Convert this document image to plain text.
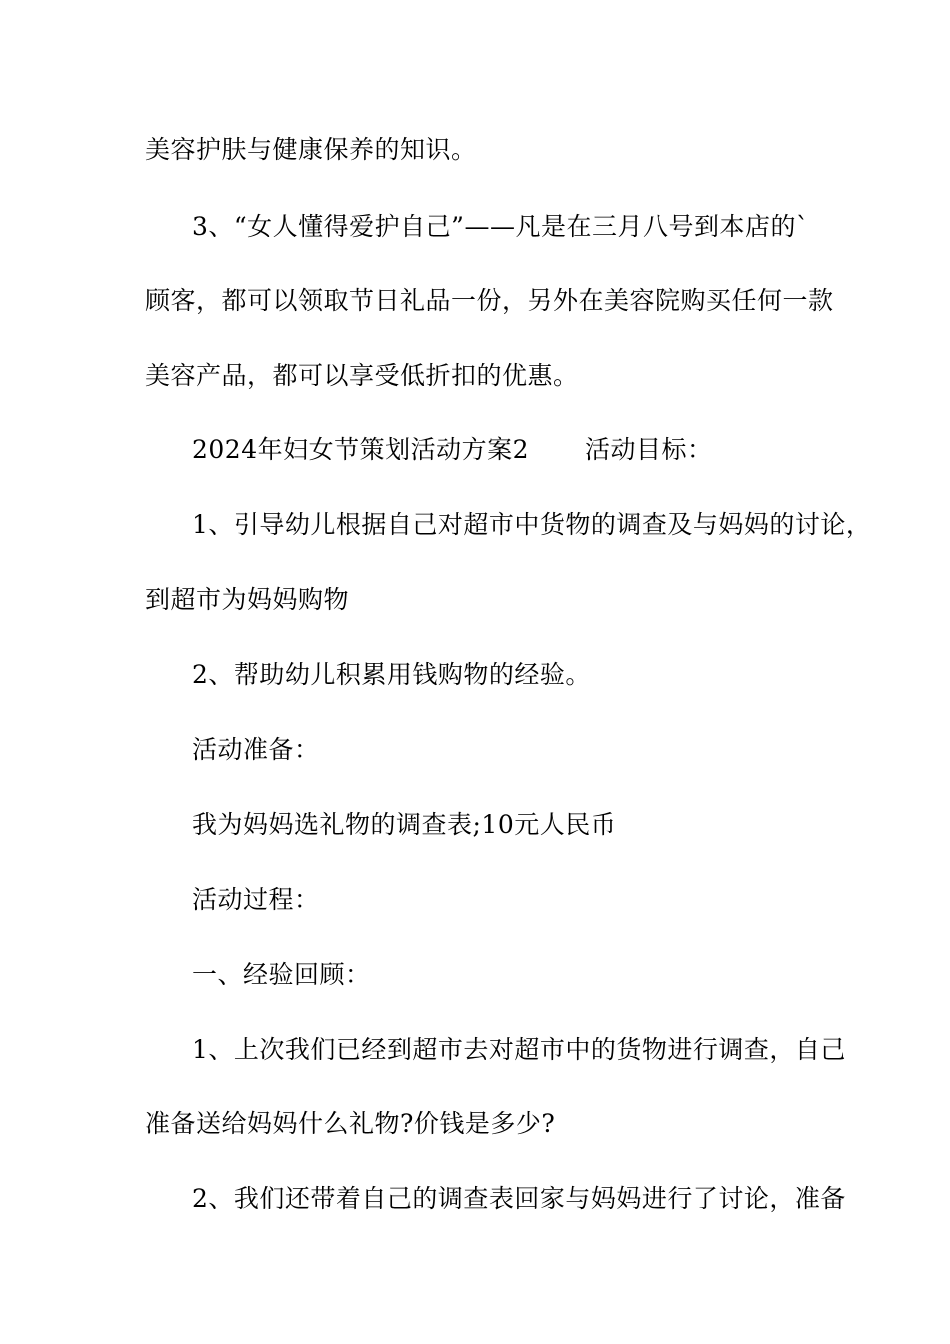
美容护肤与健康保养的知识。
3、“女人懂得爱护自己”——凡是在三月八号到本店的`
顾客，都可以领取节日礼品一份，另外在美容院购买任何一款
美容产品，都可以享受低折扣的优惠。
2024年妇女节策划活动方案2 活动目标：
1、引导幼儿根据自己对超市中货物的调查及与妈妈的讨论，
到超市为妈妈购物
2、帮助幼儿积累用钱购物的经验。
活动准备：
我为妈妈选礼物的调查表;10元人民币
活动过程：
一、经验回顾：
1、上次我们已经到超市去对超市中的货物进行调查，自己
准备送给妈妈什么礼物?价钱是多少?
2、我们还带着自己的调查表回家与妈妈进行了讨论，准备
